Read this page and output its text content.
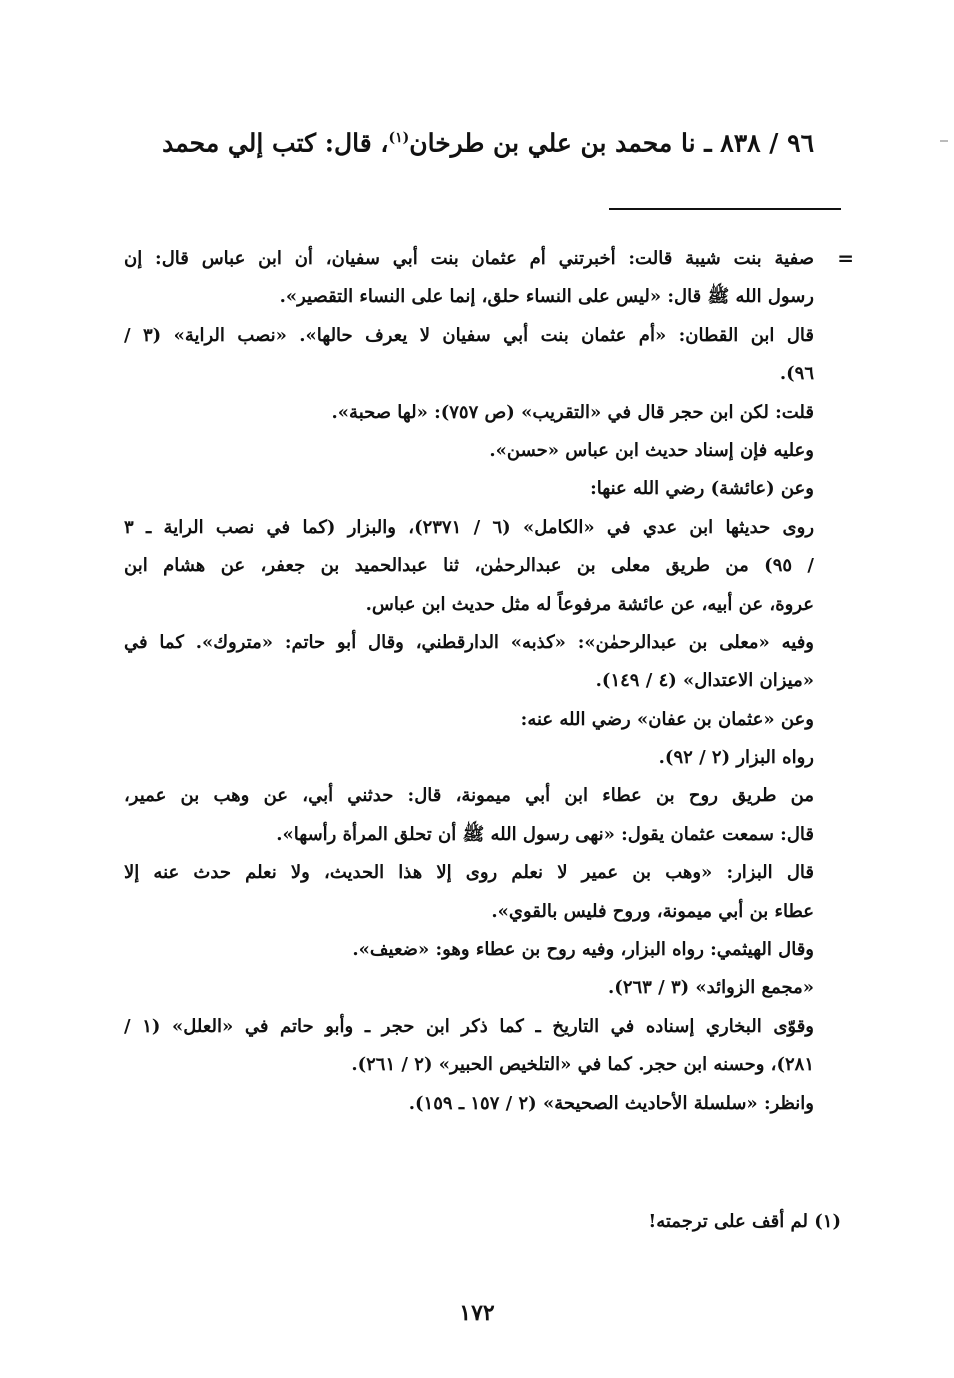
٩٦ / ٨٣٨ ـ نا محمد بن علي بن طرخان$^{(١)}$، قال: كتب إلي محمد
=
صفية بنت شيبة قالت: أخبرتني أم عثمان بنت أبي سفيان، أن ابن عباس قال: إن
رسول الله ﷺ قال: «ليس على النساء حلق، إنما على النساء التقصير».
قال ابن القطان: «أم عثمان بنت أبي سفيان لا يعرف حالها». «نصب الراية» (٣ /
٩٦).
قلت: لكن ابن حجر قال في «التقريب» (ص ٧٥٧): «لها صحبة».
وعليه فإن إسناد حديث ابن عباس «حسن».
وعن (عائشة) رضي الله عنها:
روى حديثها ابن عدي في «الكامل» (٦ / ٢٣٧١)، والبزار (كما في نصب الراية ـ ٣
/ ٩٥) من طريق معلى بن عبدالرحمٰن، ثنا عبدالحميد بن جعفر، عن هشام ابن
عروة، عن أبيه، عن عائشة مرفوعاً له مثل حديث ابن عباس.
وفيه «معلى بن عبدالرحمٰن»: «كذبه» الدارقطني، وقال أبو حاتم: «متروك». كما في
«ميزان الاعتدال» (٤ / ١٤٩).
وعن «عثمان بن عفان» رضي الله عنه:
رواه البزار (٢ / ٩٢).
من طريق روح بن عطاء ابن أبي ميمونة، قال: حدثني أبي، عن وهب بن عمير،
قال: سمعت عثمان يقول: «نهى رسول الله ﷺ أن تحلق المرأة رأسها».
قال البزار: «وهب بن عمير لا نعلم روى إلا هذا الحديث، ولا نعلم حدث عنه إلا
عطاء بن أبي ميمونة، وروح فليس بالقوي».
وقال الهيثمي: رواه البزار، وفيه روح بن عطاء وهو: «ضعيف».
«مجمع الزوائد» (٣ / ٢٦٣).
وقوّى البخاري إسناده في التاريخ ـ كما ذكر ابن حجر ـ وأبو حاتم في «العلل» (١ /
٢٨١)، وحسنه ابن حجر. كما في «التلخيص الحبير» (٢ / ٢٦١).
وانظر: «سلسلة الأحاديث الصحيحة» (٢ / ١٥٧ ـ ١٥٩).
(١) لم أقف على ترجمته!
١٧٢
